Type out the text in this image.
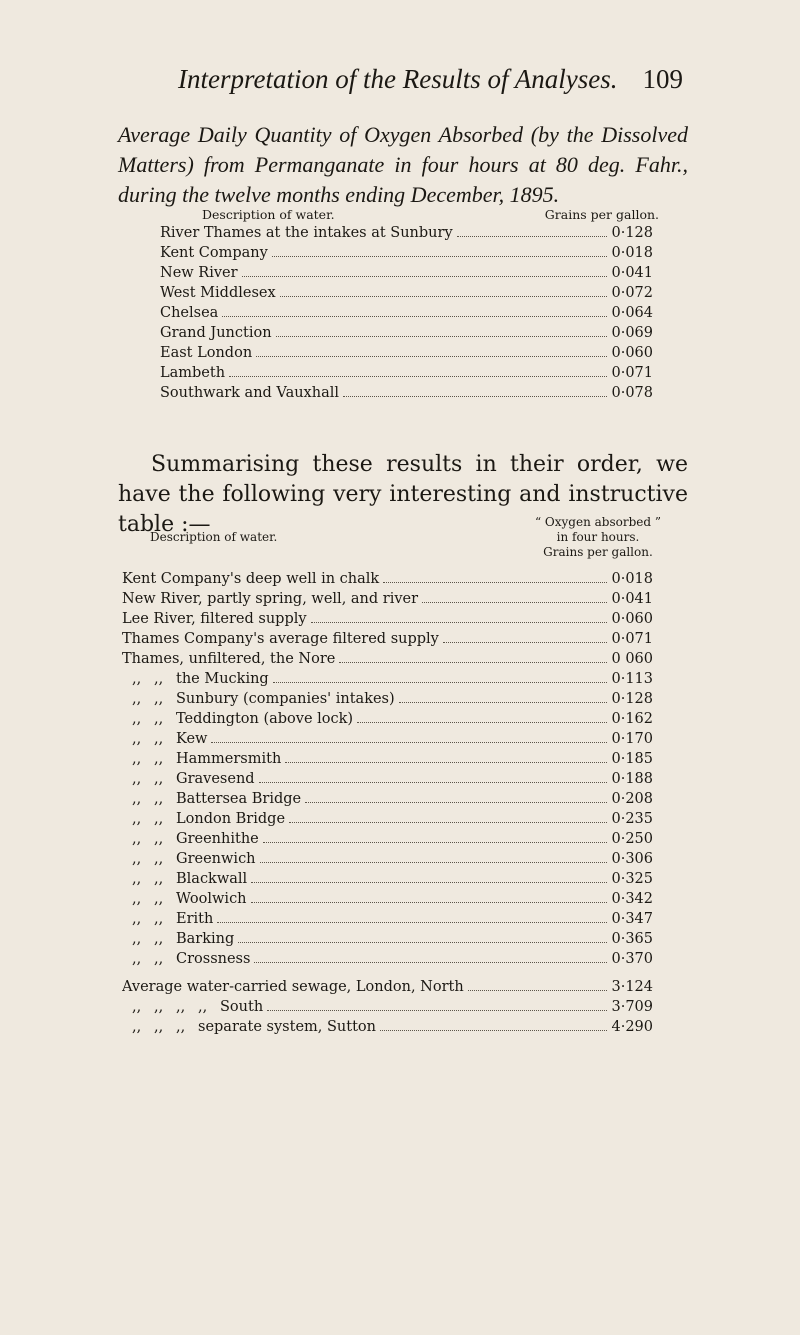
Interpretation of the Results of Analyses. 109
Average Daily Quantity of Oxygen Absorbed (by the Dissolved Matters) from Permanganate in four hours at 80 deg. Fahr., during the twelve months ending December, 1895.
Description of water.	Grains per gallon.
River Thames at the intakes at Sunbury	0·128
Kent Company	0·018
New River	0·041
West Middlesex	0·072
Chelsea	0·064
Grand Junction	0·069
East London	0·060
Lambeth	0·071
Southwark and Vauxhall	0·078
Summarising these results in their order, we have the following very interesting and instructive table :—
Description of water.
“ Oxygen absorbed ”
in four hours.
Grains per gallon.
Kent Company's deep well in chalk	0·018
New River, partly spring, well, and river	0·041
Lee River, filtered supply	0·060
Thames Company's average filtered supply	0·071
Thames, unfiltered, the Nore	0 060
,, ,, the Mucking	0·113
,, ,, Sunbury (companies' intakes)	0·128
,, ,, Teddington (above lock)	0·162
,, ,, Kew	0·170
,, ,, Hammersmith	0·185
,, ,, Gravesend	0·188
,, ,, Battersea Bridge	0·208
,, ,, London Bridge	0·235
,, ,, Greenhithe	0·250
,, ,, Greenwich	0·306
,, ,, Blackwall	0·325
,, ,, Woolwich	0·342
,, ,, Erith	0·347
,, ,, Barking	0·365
,, ,, Crossness	0·370
Average water-carried sewage, London, North	3·124
,, ,, ,, ,, South	3·709
,, ,, ,, separate system, Sutton	4·290
